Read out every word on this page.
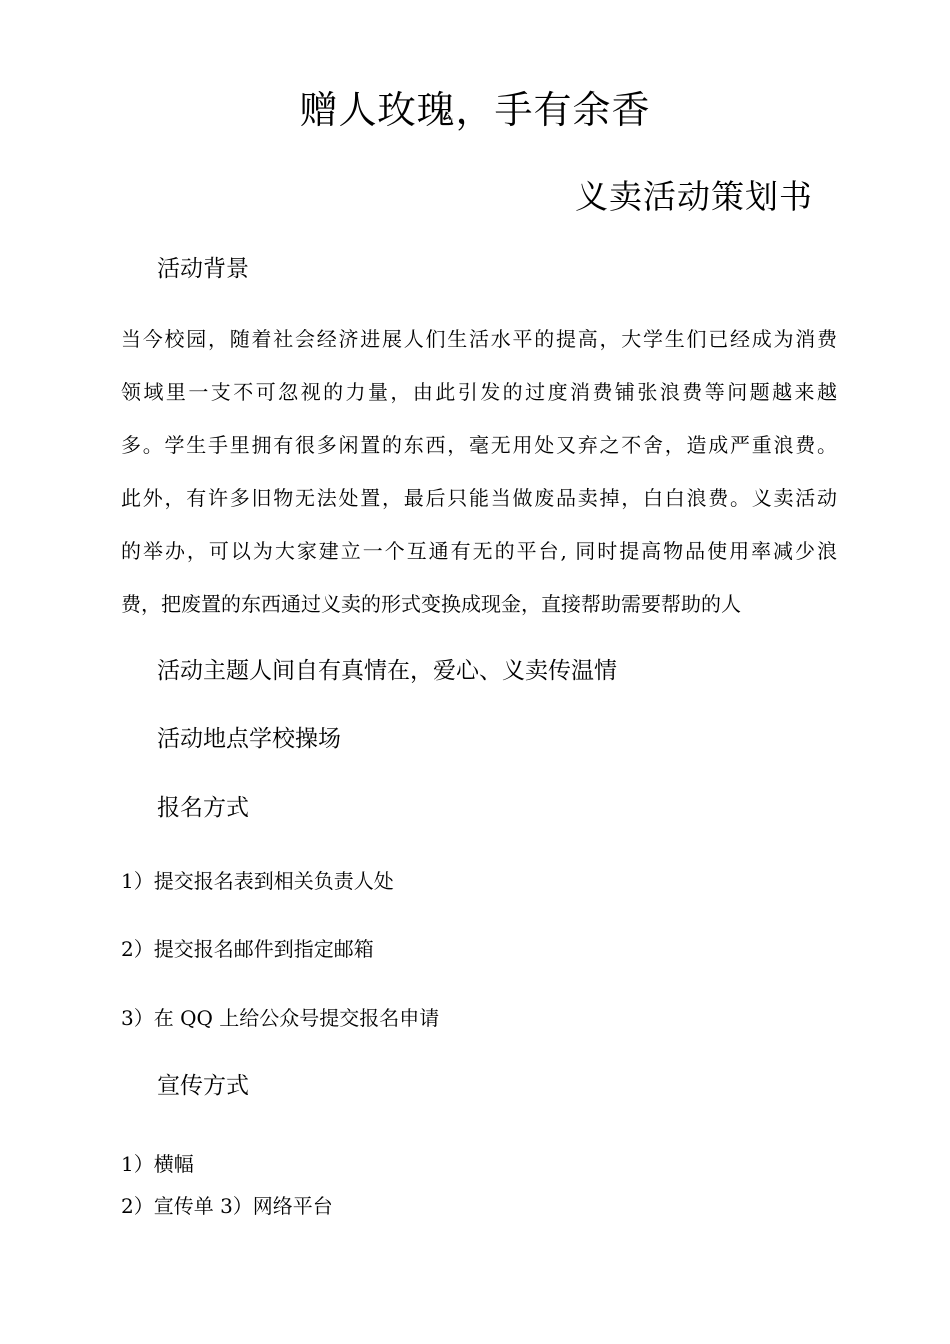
赠人玫瑰，手有余香
义卖活动策划书
活动背景
当今校园，随着社会经济进展人们生活水平的提高，大学生们已经成为消费
领域里一支不可忽视的力量，由此引发的过度消费铺张浪费等问题越来越
多。学生手里拥有很多闲置的东西，毫无用处又弃之不舍，造成严重浪费。
此外，有许多旧物无法处置，最后只能当做废品卖掉，白白浪费。义卖活动
的举办，可以为大家建立一个互通有无的平台, 同时提高物品使用率减少浪
费，把废置的东西通过义卖的形式变换成现金，直接帮助需要帮助的人
活动主题人间自有真情在，爱心、义卖传温情
活动地点学校操场
报名方式
1）提交报名表到相关负责人处
2）提交报名邮件到指定邮箱
3）在 QQ 上给公众号提交报名申请
宣传方式
1）横幅
2）宣传单 3）网络平台
